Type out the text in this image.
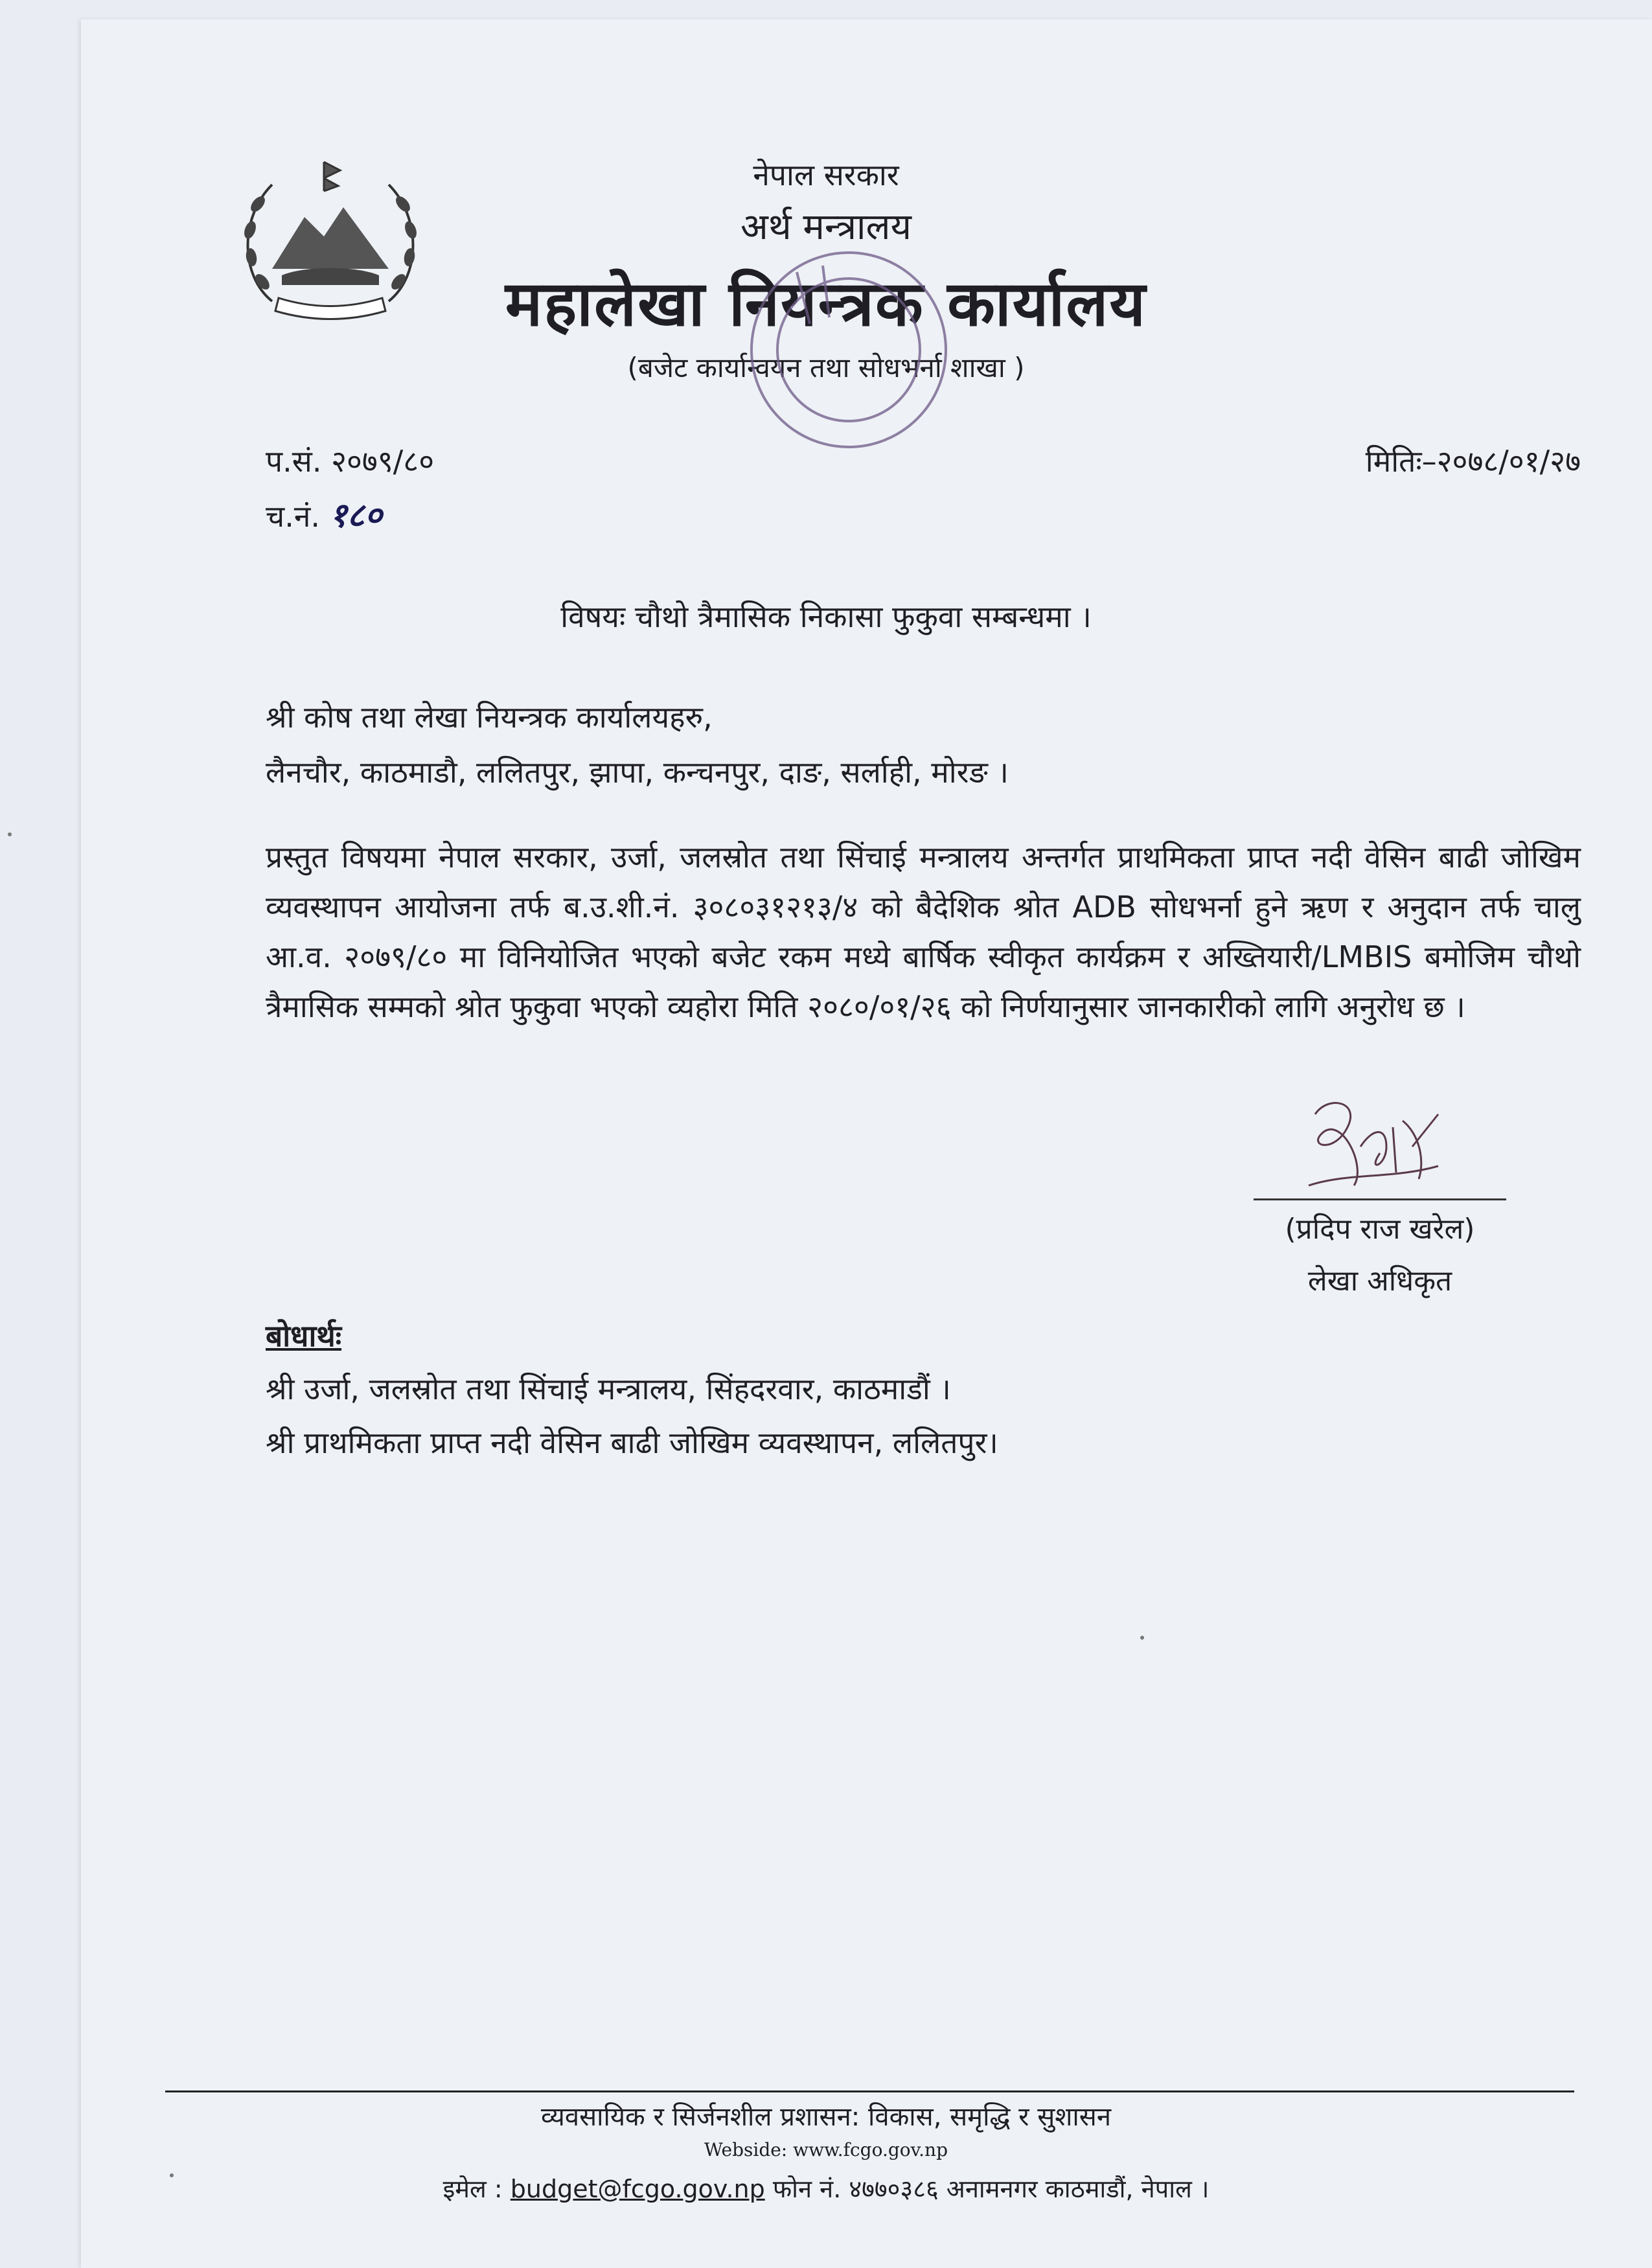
नेपाल सरकार
अर्थ मन्त्रालय
महालेखा नियन्त्रक कार्यालय
(बजेट कार्यान्वयन तथा सोधभर्ना शाखा )
प.सं. २०७९/८०
च.नं. १८०
मितिः–२०७८/०१/२७
विषयः चौथो त्रैमासिक निकासा फुकुवा सम्बन्धमा ।
श्री कोष तथा लेखा नियन्त्रक कार्यालयहरु,
लैनचौर, काठमाडौ, ललितपुर, झापा, कन्चनपुर, दाङ, सर्लाही, मोरङ ।
प्रस्तुत विषयमा नेपाल सरकार, उर्जा, जलस्रोत तथा सिंचाई मन्त्रालय अन्तर्गत प्राथमिकता प्राप्त नदी वेसिन बाढी जोखिम व्यवस्थापन आयोजना तर्फ ब.उ.शी.नं. ३०८०३१२१३/४ को बैदेशिक श्रोत ADB सोधभर्ना हुने ऋण र अनुदान तर्फ चालु आ.व. २०७९/८० मा विनियोजित भएको बजेट रकम मध्ये बार्षिक स्वीकृत कार्यक्रम र अख्तियारी/LMBIS बमोजिम चौथो त्रैमासिक सम्मको श्रोत फुकुवा भएको व्यहोरा मिति २०८०/०१/२६ को निर्णयानुसार जानकारीको लागि अनुरोध छ ।
(प्रदिप राज खरेल)
लेखा अधिकृत
बोधार्थः
श्री उर्जा, जलस्रोत तथा सिंचाई मन्त्रालय, सिंहदरवार, काठमाडौं ।
श्री प्राथमिकता प्राप्त नदी वेसिन बाढी जोखिम व्यवस्थापन, ललितपुर।
व्यवसायिक र सिर्जनशील प्रशासन: विकास, समृद्धि र सुशासन
Webside: www.fcgo.gov.np
इमेल : budget@fcgo.gov.np फोन नं. ४७७०३८६ अनामनगर काठमाडौं, नेपाल ।
